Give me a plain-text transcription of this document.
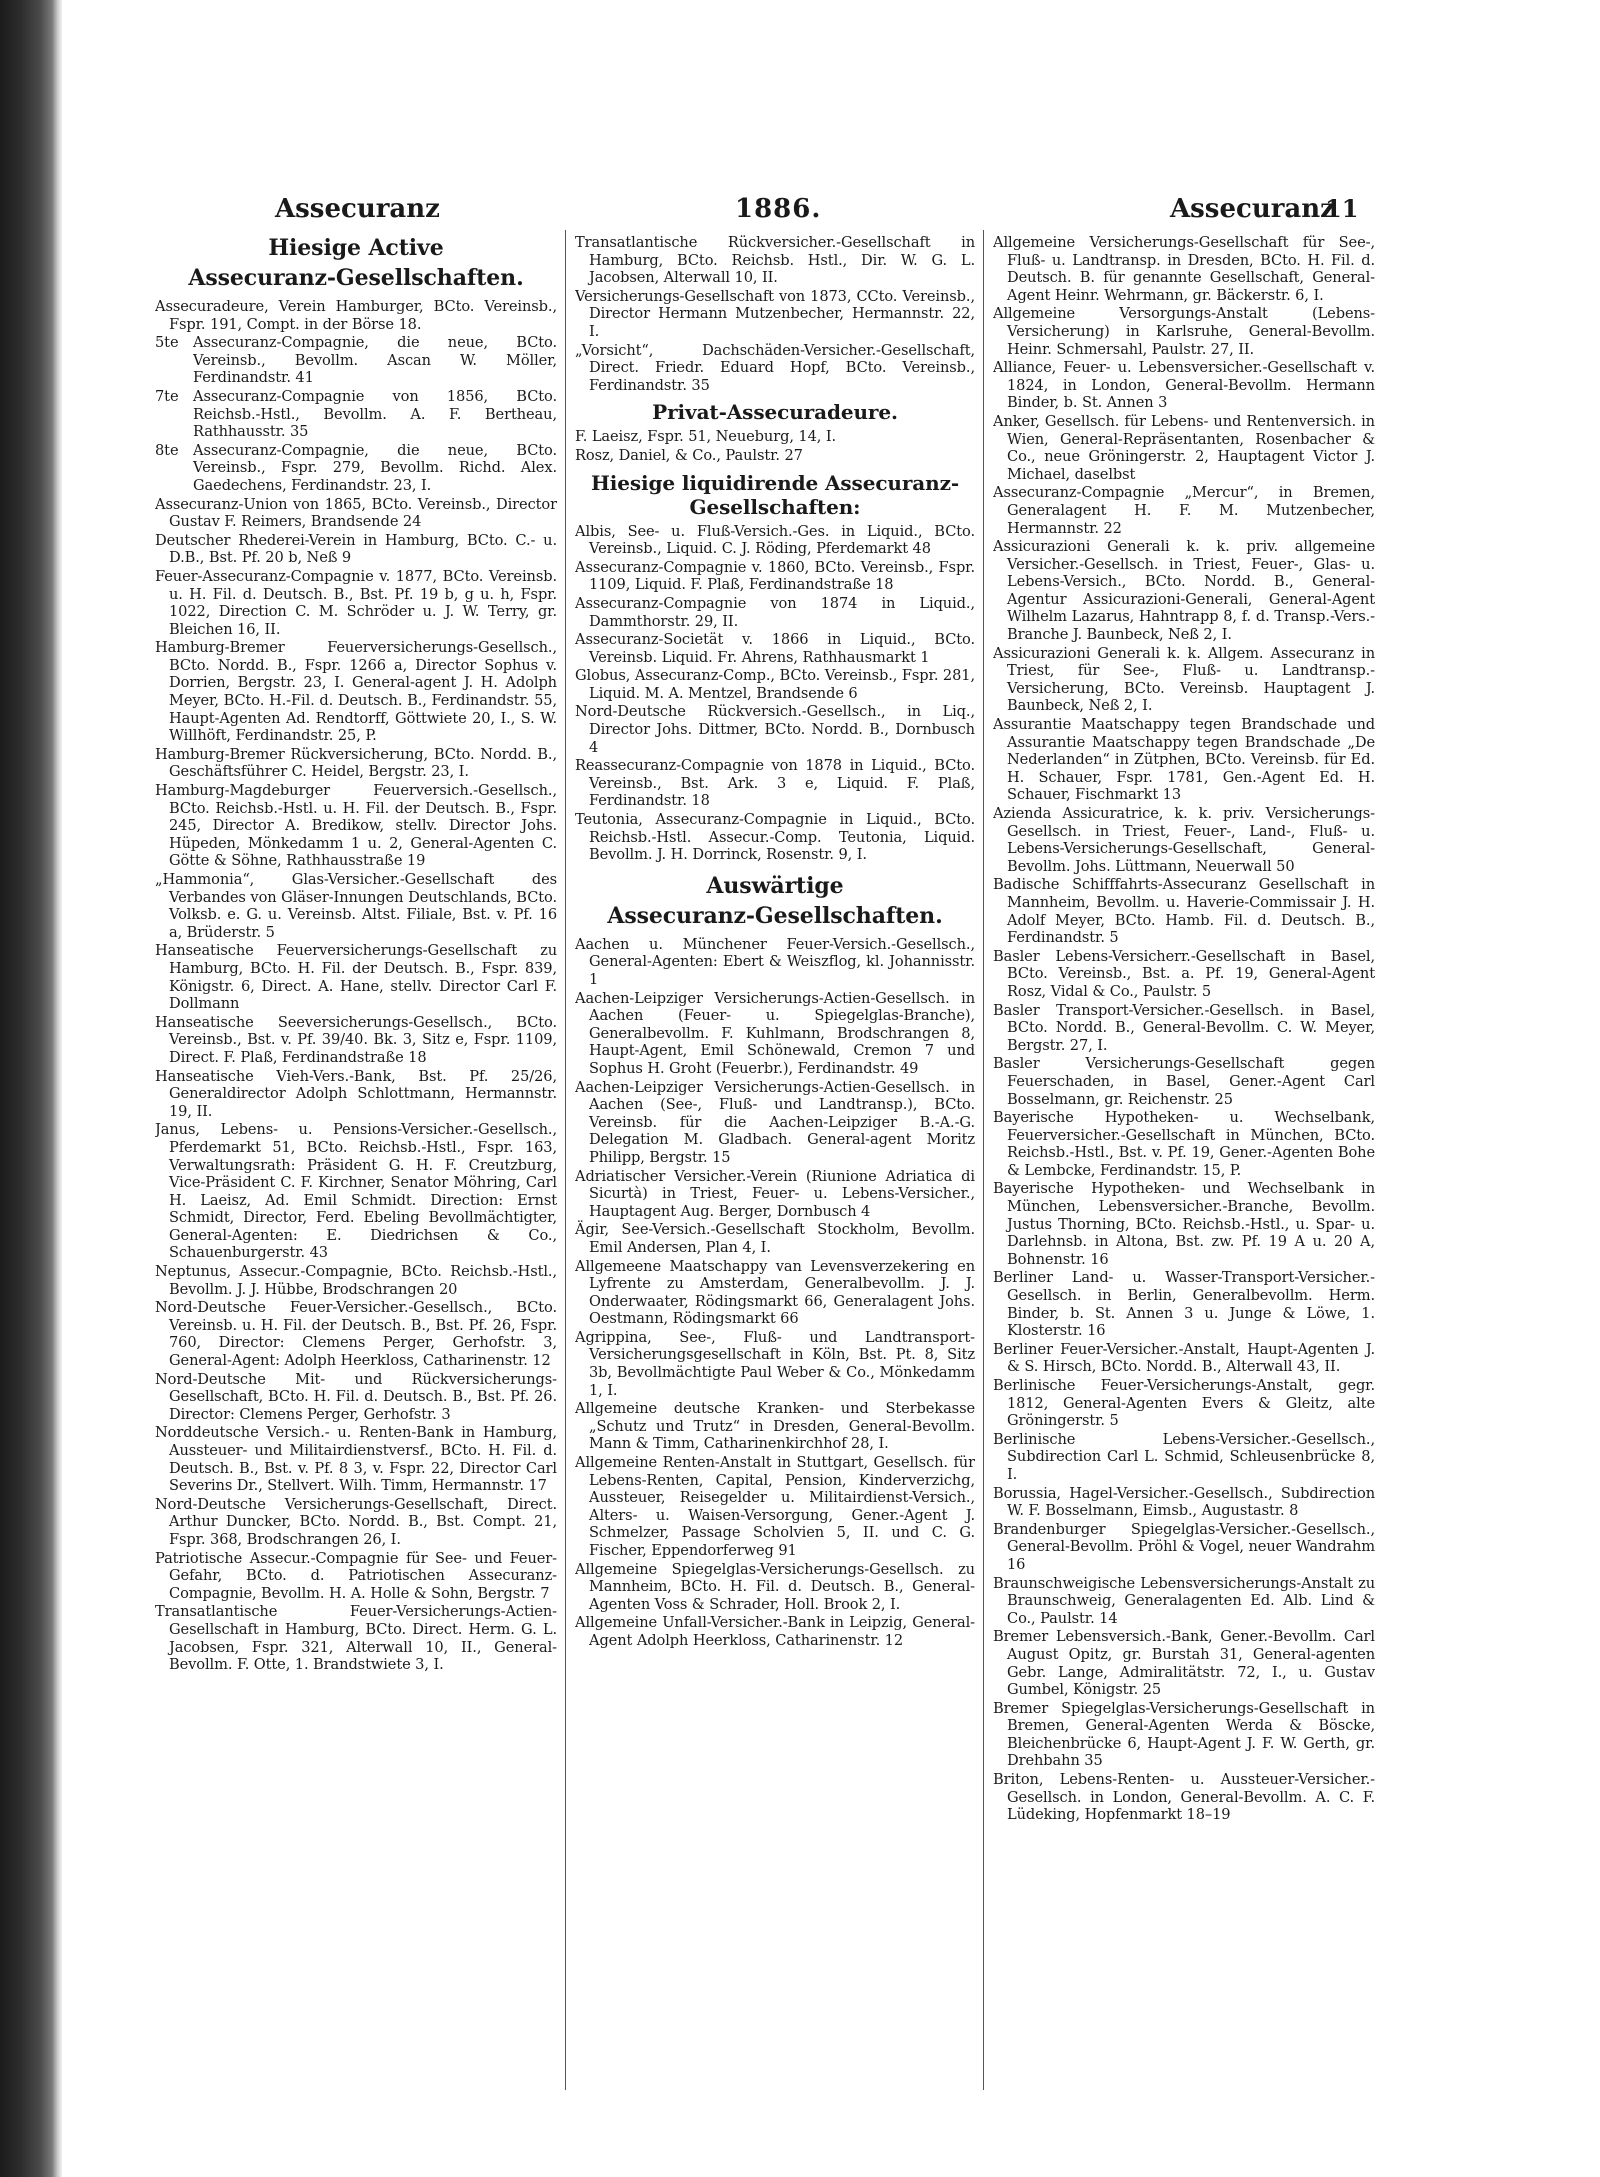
Assecuranz	1886.	Assecuranz
11
Hiesige Active
Assecuranz-Gesellschaften.
Assecuradeure, Verein Hamburger, BCto. Vereinsb., Fspr. 191, Compt. in der Börse 18.
5te Assecuranz-Compagnie, die neue, BCto. Vereinsb., Bevollm. Ascan W. Möller, Ferdinandstr. 41
7te Assecuranz-Compagnie von 1856, BCto. Reichsb.-Hstl., Bevollm. A. F. Bertheau, Rathhausstr. 35
8te Assecuranz-Compagnie, die neue, BCto. Vereinsb., Fspr. 279, Bevollm. Richd. Alex. Gaedechens, Ferdinandstr. 23, I.
Assecuranz-Union von 1865, BCto. Vereinsb., Director Gustav F. Reimers, Brandsende 24
Deutscher Rhederei-Verein in Hamburg, BCto. C.- u. D.B., Bst. Pf. 20 b, Neß 9
Feuer-Assecuranz-Compagnie v. 1877, BCto. Vereinsb. u. H. Fil. d. Deutsch. B., Bst. Pf. 19 b, g u. h, Fspr. 1022, Direction C. M. Schröder u. J. W. Terry, gr. Bleichen 16, II.
Hamburg-Bremer Feuerversicherungs-Gesellsch., BCto. Nordd. B., Fspr. 1266 a, Director Sophus v. Dorrien, Bergstr. 23, I. General-agent J. H. Adolph Meyer, BCto. H.-Fil. d. Deutsch. B., Ferdinandstr. 55, Haupt-Agenten Ad. Rendtorff, Göttwiete 20, I., S. W. Willhöft, Ferdinandstr. 25, P.
Hamburg-Bremer Rückversicherung, BCto. Nordd. B., Geschäftsführer C. Heidel, Bergstr. 23, I.
Hamburg-Magdeburger Feuerversich.-Gesellsch., BCto. Reichsb.-Hstl. u. H. Fil. der Deutsch. B., Fspr. 245, Director A. Bredikow, stellv. Director Johs. Hüpeden, Mönkedamm 1 u. 2, General-Agenten C. Götte & Söhne, Rathhausstraße 19
„Hammonia“, Glas-Versicher.-Gesellschaft des Verbandes von Gläser-Innungen Deutschlands, BCto. Volksb. e. G. u. Vereinsb. Altst. Filiale, Bst. v. Pf. 16 a, Brüderstr. 5
Hanseatische Feuerversicherungs-Gesellschaft zu Hamburg, BCto. H. Fil. der Deutsch. B., Fspr. 839, Königstr. 6, Direct. A. Hane, stellv. Director Carl F. Dollmann
Hanseatische Seeversicherungs-Gesellsch., BCto. Vereinsb., Bst. v. Pf. 39/40. Bk. 3, Sitz e, Fspr. 1109, Direct. F. Plaß, Ferdinandstraße 18
Hanseatische Vieh-Vers.-Bank, Bst. Pf. 25/26, Generaldirector Adolph Schlottmann, Hermannstr. 19, II.
Janus, Lebens- u. Pensions-Versicher.-Gesellsch., Pferdemarkt 51, BCto. Reichsb.-Hstl., Fspr. 163, Verwaltungsrath: Präsident G. H. F. Creutzburg, Vice-Präsident C. F. Kirchner, Senator Möhring, Carl H. Laeisz, Ad. Emil Schmidt. Direction: Ernst Schmidt, Director, Ferd. Ebeling Bevollmächtigter, General-Agenten: E. Diedrichsen & Co., Schauenburgerstr. 43
Neptunus, Assecur.-Compagnie, BCto. Reichsb.-Hstl., Bevollm. J. J. Hübbe, Brodschrangen 20
Nord-Deutsche Feuer-Versicher.-Gesellsch., BCto. Vereinsb. u. H. Fil. der Deutsch. B., Bst. Pf. 26, Fspr. 760, Director: Clemens Perger, Gerhofstr. 3, General-Agent: Adolph Heerkloss, Catharinenstr. 12
Nord-Deutsche Mit- und Rückversicherungs-Gesellschaft, BCto. H. Fil. d. Deutsch. B., Bst. Pf. 26. Director: Clemens Perger, Gerhofstr. 3
Norddeutsche Versich.- u. Renten-Bank in Hamburg, Aussteuer- und Militairdienstversf., BCto. H. Fil. d. Deutsch. B., Bst. v. Pf. 8 3, v. Fspr. 22, Director Carl Severins Dr., Stellvert. Wilh. Timm, Hermannstr. 17
Nord-Deutsche Versicherungs-Gesellschaft, Direct. Arthur Duncker, BCto. Nordd. B., Bst. Compt. 21, Fspr. 368, Brodschrangen 26, I.
Patriotische Assecur.-Compagnie für See- und Feuer-Gefahr, BCto. d. Patriotischen Assecuranz-Compagnie, Bevollm. H. A. Holle & Sohn, Bergstr. 7
Transatlantische Feuer-Versicherungs-Actien-Gesellschaft in Hamburg, BCto. Direct. Herm. G. L. Jacobsen, Fspr. 321, Alterwall 10, II., General-Bevollm. F. Otte, 1. Brandstwiete 3, I.
Transatlantische Rückversicher.-Gesellschaft in Hamburg, BCto. Reichsb. Hstl., Dir. W. G. L. Jacobsen, Alterwall 10, II.
Versicherungs-Gesellschaft von 1873, CCto. Vereinsb., Director Hermann Mutzenbecher, Hermannstr. 22, I.
„Vorsicht“, Dachschäden-Versicher.-Gesellschaft, Direct. Friedr. Eduard Hopf, BCto. Vereinsb., Ferdinandstr. 35
Privat-Assecuradeure.
F. Laeisz, Fspr. 51, Neueburg, 14, I.
Rosz, Daniel, & Co., Paulstr. 27
Hiesige liquidirende Assecuranz-Gesellschaften:
Albis, See- u. Fluß-Versich.-Ges. in Liquid., BCto. Vereinsb., Liquid. C. J. Röding, Pferdemarkt 48
Assecuranz-Compagnie v. 1860, BCto. Vereinsb., Fspr. 1109, Liquid. F. Plaß, Ferdinandstraße 18
Assecuranz-Compagnie von 1874 in Liquid., Dammthorstr. 29, II.
Assecuranz-Societät v. 1866 in Liquid., BCto. Vereinsb. Liquid. Fr. Ahrens, Rathhausmarkt 1
Globus, Assecuranz-Comp., BCto. Vereinsb., Fspr. 281, Liquid. M. A. Mentzel, Brandsende 6
Nord-Deutsche Rückversich.-Gesellsch., in Liq., Director Johs. Dittmer, BCto. Nordd. B., Dornbusch 4
Reassecuranz-Compagnie von 1878 in Liquid., BCto. Vereinsb., Bst. Ark. 3 e, Liquid. F. Plaß, Ferdinandstr. 18
Teutonia, Assecuranz-Compagnie in Liquid., BCto. Reichsb.-Hstl. Assecur.-Comp. Teutonia, Liquid. Bevollm. J. H. Dorrinck, Rosenstr. 9, I.
Auswärtige
Assecuranz-Gesellschaften.
Aachen u. Münchener Feuer-Versich.-Gesellsch., General-Agenten: Ebert & Weiszflog, kl. Johannisstr. 1
Aachen-Leipziger Versicherungs-Actien-Gesellsch. in Aachen (Feuer- u. Spiegelglas-Branche), Generalbevollm. F. Kuhlmann, Brodschrangen 8, Haupt-Agent, Emil Schönewald, Cremon 7 und Sophus H. Groht (Feuerbr.), Ferdinandstr. 49
Aachen-Leipziger Versicherungs-Actien-Gesellsch. in Aachen (See-, Fluß- und Landtransp.), BCto. Vereinsb. für die Aachen-Leipziger B.-A.-G. Delegation M. Gladbach. General-agent Moritz Philipp, Bergstr. 15
Adriatischer Versicher.-Verein (Riunione Adriatica di Sicurtà) in Triest, Feuer- u. Lebens-Versicher., Hauptagent Aug. Berger, Dornbusch 4
Ägir, See-Versich.-Gesellschaft Stockholm, Bevollm. Emil Andersen, Plan 4, I.
Allgemeene Maatschappy van Levensverzekering en Lyfrente zu Amsterdam, Generalbevollm. J. J. Onderwaater, Rödingsmarkt 66, Generalagent Johs. Oestmann, Rödingsmarkt 66
Agrippina, See-, Fluß- und Landtransport-Versicherungsgesellschaft in Köln, Bst. Pt. 8, Sitz 3b, Bevollmächtigte Paul Weber & Co., Mönkedamm 1, I.
Allgemeine deutsche Kranken- und Sterbekasse „Schutz und Trutz“ in Dresden, General-Bevollm. Mann & Timm, Catharinenkirchhof 28, I.
Allgemeine Renten-Anstalt in Stuttgart, Gesellsch. für Lebens-Renten, Capital, Pension, Kinderverzichg, Aussteuer, Reisegelder u. Militairdienst-Versich., Alters- u. Waisen-Versorgung, Gener.-Agent J. Schmelzer, Passage Scholvien 5, II. und C. G. Fischer, Eppendorferweg 91
Allgemeine Spiegelglas-Versicherungs-Gesellsch. zu Mannheim, BCto. H. Fil. d. Deutsch. B., General-Agenten Voss & Schrader, Holl. Brook 2, I.
Allgemeine Unfall-Versicher.-Bank in Leipzig, General-Agent Adolph Heerkloss, Catharinenstr. 12
Allgemeine Versicherungs-Gesellschaft für See-, Fluß- u. Landtransp. in Dresden, BCto. H. Fil. d. Deutsch. B. für genannte Gesellschaft, General-Agent Heinr. Wehrmann, gr. Bäckerstr. 6, I.
Allgemeine Versorgungs-Anstalt (Lebens-Versicherung) in Karlsruhe, General-Bevollm. Heinr. Schmersahl, Paulstr. 27, II.
Alliance, Feuer- u. Lebensversicher.-Gesellschaft v. 1824, in London, General-Bevollm. Hermann Binder, b. St. Annen 3
Anker, Gesellsch. für Lebens- und Rentenversich. in Wien, General-Repräsentanten, Rosenbacher & Co., neue Gröningerstr. 2, Hauptagent Victor J. Michael, daselbst
Assecuranz-Compagnie „Mercur“, in Bremen, Generalagent H. F. M. Mutzenbecher, Hermannstr. 22
Assicurazioni Generali k. k. priv. allgemeine Versicher.-Gesellsch. in Triest, Feuer-, Glas- u. Lebens-Versich., BCto. Nordd. B., General-Agentur Assicurazioni-Generali, General-Agent Wilhelm Lazarus, Hahntrapp 8, f. d. Transp.-Vers.-Branche J. Baunbeck, Neß 2, I.
Assicurazioni Generali k. k. Allgem. Assecuranz in Triest, für See-, Fluß- u. Landtransp.-Versicherung, BCto. Vereinsb. Hauptagent J. Baunbeck, Neß 2, I.
Assurantie Maatschappy tegen Brandschade und Assurantie Maatschappy tegen Brandschade „De Nederlanden“ in Zütphen, BCto. Vereinsb. für Ed. H. Schauer, Fspr. 1781, Gen.-Agent Ed. H. Schauer, Fischmarkt 13
Azienda Assicuratrice, k. k. priv. Versicherungs-Gesellsch. in Triest, Feuer-, Land-, Fluß- u. Lebens-Versicherungs-Gesellschaft, General-Bevollm. Johs. Lüttmann, Neuerwall 50
Badische Schifffahrts-Assecuranz Gesellschaft in Mannheim, Bevollm. u. Haverie-Commissair J. H. Adolf Meyer, BCto. Hamb. Fil. d. Deutsch. B., Ferdinandstr. 5
Basler Lebens-Versicherr.-Gesellschaft in Basel, BCto. Vereinsb., Bst. a. Pf. 19, General-Agent Rosz, Vidal & Co., Paulstr. 5
Basler Transport-Versicher.-Gesellsch. in Basel, BCto. Nordd. B., General-Bevollm. C. W. Meyer, Bergstr. 27, I.
Basler Versicherungs-Gesellschaft gegen Feuerschaden, in Basel, Gener.-Agent Carl Bosselmann, gr. Reichenstr. 25
Bayerische Hypotheken- u. Wechselbank, Feuerversicher.-Gesellschaft in München, BCto. Reichsb.-Hstl., Bst. v. Pf. 19, Gener.-Agenten Bohe & Lembcke, Ferdinandstr. 15, P.
Bayerische Hypotheken- und Wechselbank in München, Lebensversicher.-Branche, Bevollm. Justus Thorning, BCto. Reichsb.-Hstl., u. Spar- u. Darlehnsb. in Altona, Bst. zw. Pf. 19 A u. 20 A, Bohnenstr. 16
Berliner Land- u. Wasser-Transport-Versicher.-Gesellsch. in Berlin, Generalbevollm. Herm. Binder, b. St. Annen 3 u. Junge & Löwe, 1. Klosterstr. 16
Berliner Feuer-Versicher.-Anstalt, Haupt-Agenten J. & S. Hirsch, BCto. Nordd. B., Alterwall 43, II.
Berlinische Feuer-Versicherungs-Anstalt, gegr. 1812, General-Agenten Evers & Gleitz, alte Gröningerstr. 5
Berlinische Lebens-Versicher.-Gesellsch., Subdirection Carl L. Schmid, Schleusenbrücke 8, I.
Borussia, Hagel-Versicher.-Gesellsch., Subdirection W. F. Bosselmann, Eimsb., Augustastr. 8
Brandenburger Spiegelglas-Versicher.-Gesellsch., General-Bevollm. Pröhl & Vogel, neuer Wandrahm 16
Braunschweigische Lebensversicherungs-Anstalt zu Braunschweig, Generalagenten Ed. Alb. Lind & Co., Paulstr. 14
Bremer Lebensversich.-Bank, Gener.-Bevollm. Carl August Opitz, gr. Burstah 31, General-agenten Gebr. Lange, Admiralitätstr. 72, I., u. Gustav Gumbel, Königstr. 25
Bremer Spiegelglas-Versicherungs-Gesellschaft in Bremen, General-Agenten Werda & Böscke, Bleichenbrücke 6, Haupt-Agent J. F. W. Gerth, gr. Drehbahn 35
Briton, Lebens-Renten- u. Aussteuer-Versicher.-Gesellsch. in London, General-Bevollm. A. C. F. Lüdeking, Hopfenmarkt 18–19
